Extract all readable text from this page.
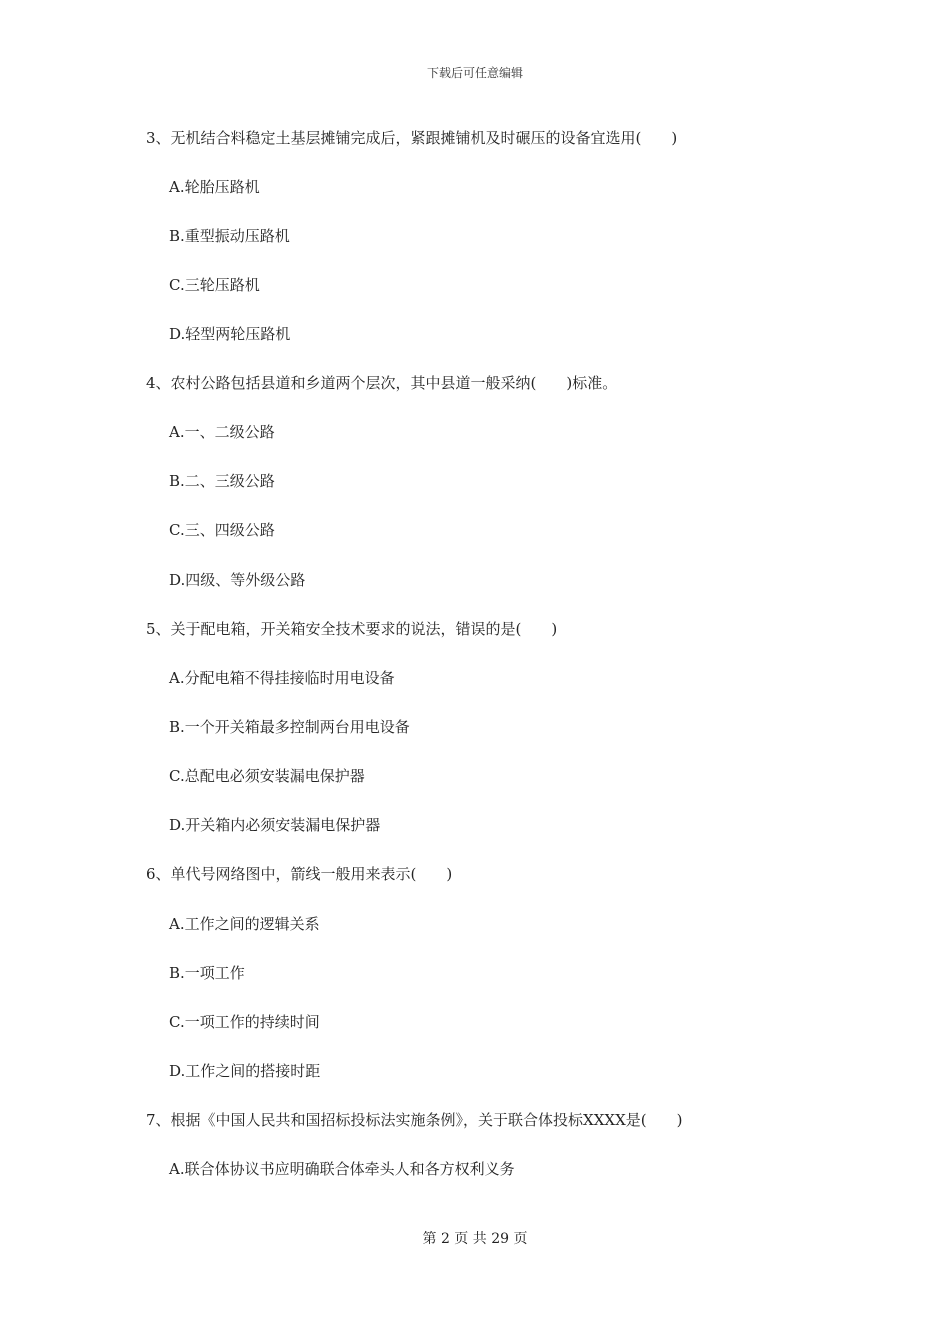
下载后可任意编辑
3、无机结合料稳定土基层摊铺完成后，紧跟摊铺机及时碾压的设备宜选用(　　)
A.轮胎压路机
B.重型振动压路机
C.三轮压路机
D.轻型两轮压路机
4、农村公路包括县道和乡道两个层次，其中县道一般采纳(　　)标准。
A.一、二级公路
B.二、三级公路
C.三、四级公路
D.四级、等外级公路
5、关于配电箱，开关箱安全技术要求的说法，错误的是(　　)
A.分配电箱不得挂接临时用电设备
B.一个开关箱最多控制两台用电设备
C.总配电必须安装漏电保护器
D.开关箱内必须安装漏电保护器
6、单代号网络图中，箭线一般用来表示(　　)
A.工作之间的逻辑关系
B.一项工作
C.一项工作的持续时间
D.工作之间的搭接时距
7、根据《中国人民共和国招标投标法实施条例》，关于联合体投标XXXX是(　　)
A.联合体协议书应明确联合体牵头人和各方权利义务
第 2 页 共 29 页
